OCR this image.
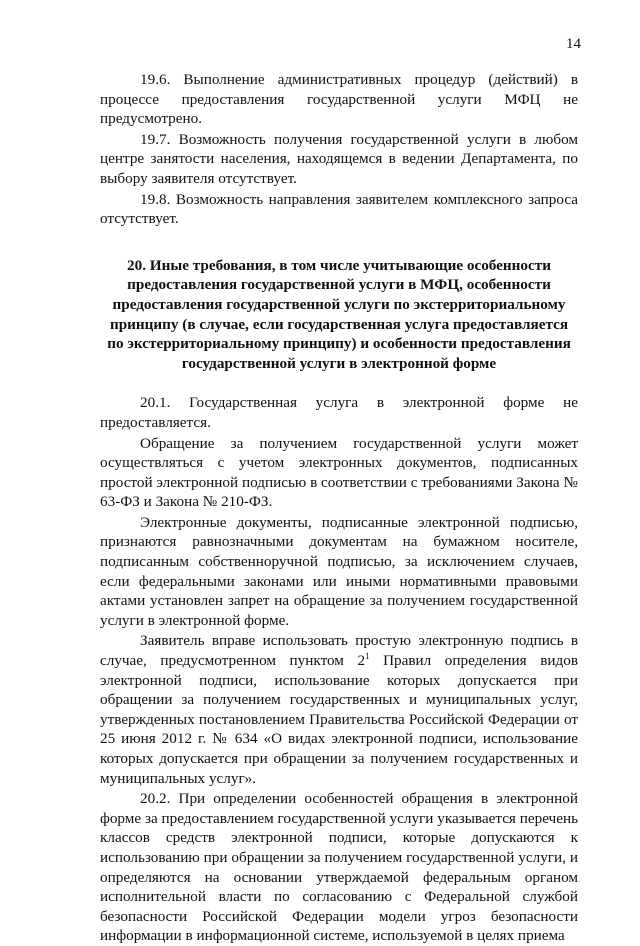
14

19.6. Выполнение административных процедур (действий) в процессе предоставления государственной услуги МФЦ не предусмотрено.

19.7. Возможность получения государственной услуги в любом центре занятости населения, находящемся в ведении Департамента, по выбору заявителя отсутствует.

19.8. Возможность направления заявителем комплексного запроса отсутствует.

20. Иные требования, в том числе учитывающие особенности
предоставления государственной услуги в МФЦ, особенности
предоставления государственной услуги по экстерриториальному
принципу (в случае, если государственная услуга предоставляется
по экстерриториальному принципу) и особенности предоставления
государственной услуги в электронной форме

20.1. Государственная услуга в электронной форме не предоставляется.

Обращение за получением государственной услуги может осуществляться с учетом электронных документов, подписанных простой электронной подписью в соответствии с требованиями Закона № 63-ФЗ и Закона № 210-ФЗ.

Электронные документы, подписанные электронной подписью, признаются равнозначными документам на бумажном носителе, подписанным собственноручной подписью, за исключением случаев, если федеральными законами или иными нормативными правовыми актами установлен запрет на обращение за получением государственной услуги в электронной форме.

Заявитель вправе использовать простую электронную подпись в случае, предусмотренном пунктом $2^1$ Правил определения видов электронной подписи, использование которых допускается при обращении за получением государственных и муниципальных услуг, утвержденных постановлением Правительства Российской Федерации от 25 июня 2012 г. № 634 «О видах электронной подписи, использование которых допускается при обращении за получением государственных и муниципальных услуг».

20.2. При определении особенностей обращения в электронной форме за предоставлением государственной услуги указывается перечень классов средств электронной подписи, которые допускаются к использованию при обращении за получением государственной услуги, и определяются на основании утверждаемой федеральным органом исполнительной власти по согласованию с Федеральной службой безопасности Российской Федерации модели угроз безопасности информации в информационной системе, используемой в целях приема
